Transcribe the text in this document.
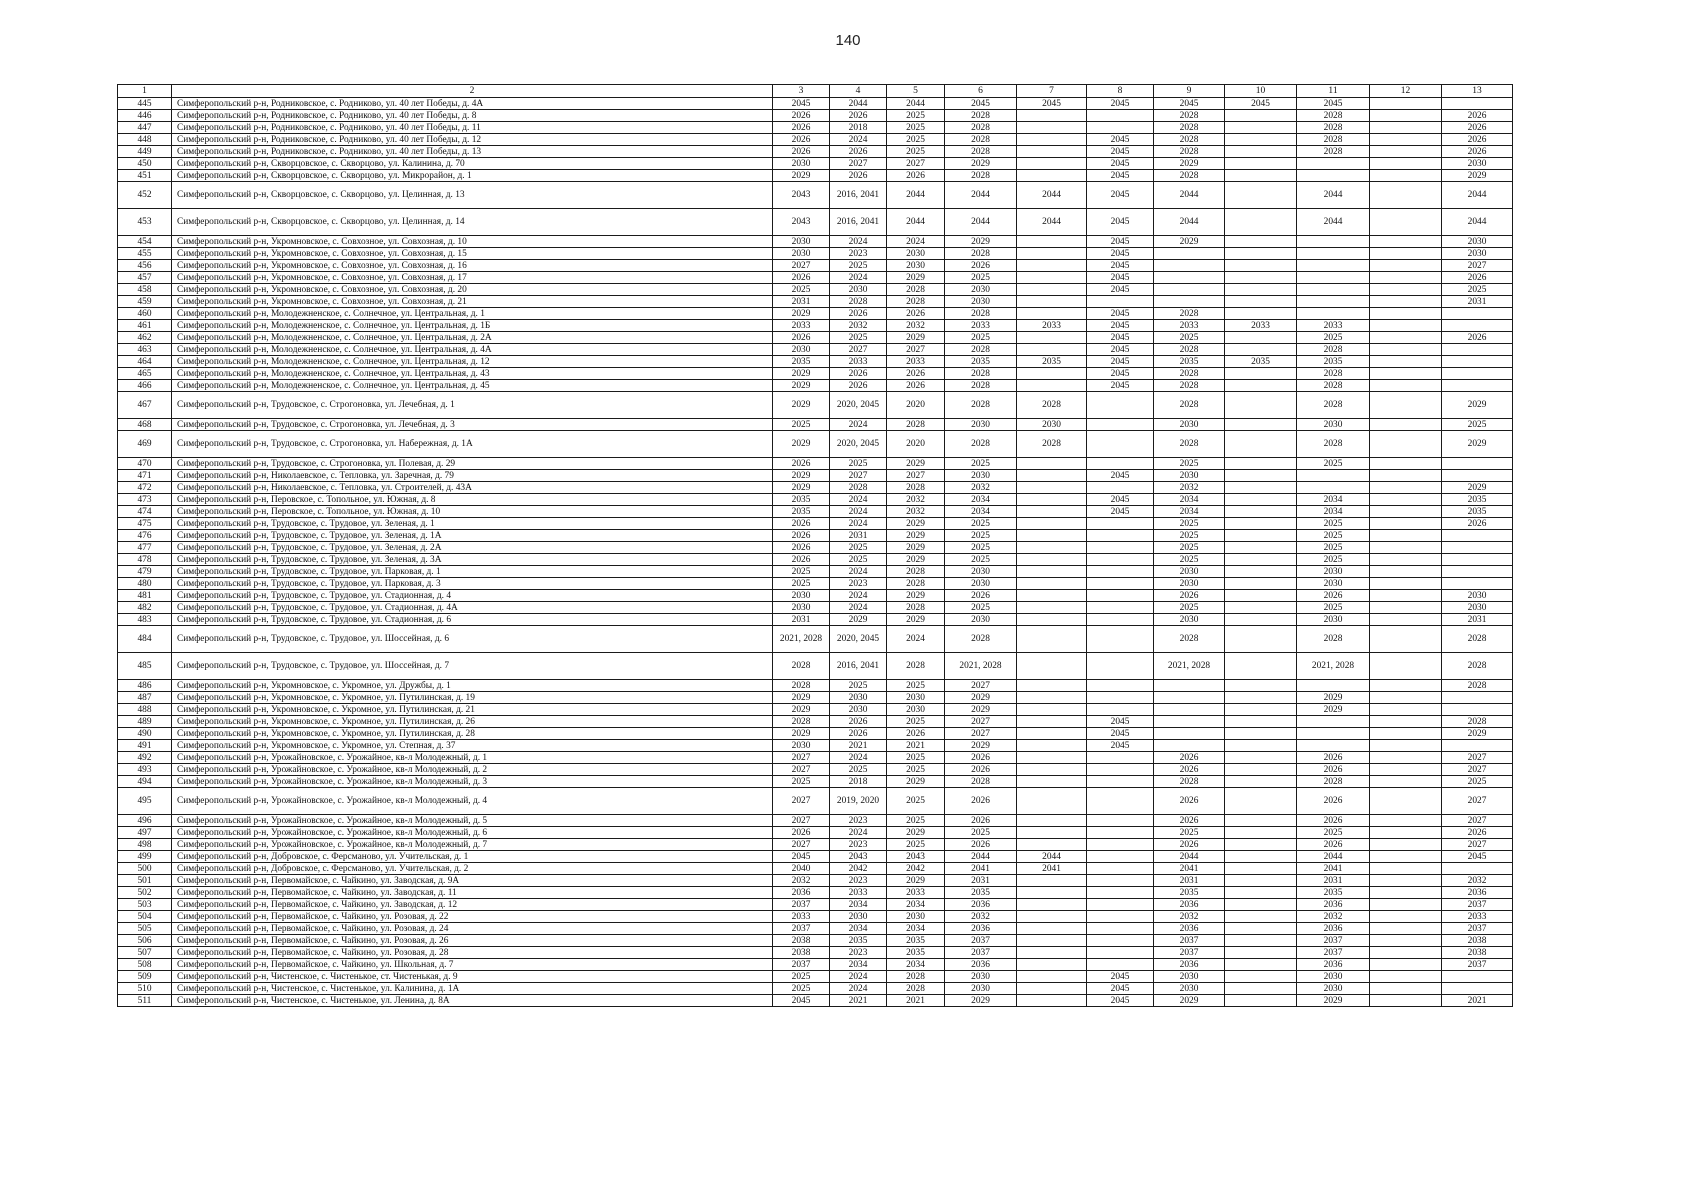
140
1	2	3	4	5	6	7	8	9	10	11	12	13
445	Симферопольский р-н, Родниковское, с. Родниково, ул. 40 лет Победы, д. 4А	2045	2044	2044	2045	2045	2045	2045	2045	2045		
446	Симферопольский р-н, Родниковское, с. Родниково, ул. 40 лет Победы, д. 8	2026	2026	2025	2028			2028		2028		2026
447	Симферопольский р-н, Родниковское, с. Родниково, ул. 40 лет Победы, д. 11	2026	2018	2025	2028			2028		2028		2026
448	Симферопольский р-н, Родниковское, с. Родниково, ул. 40 лет Победы, д. 12	2026	2024	2025	2028		2045	2028		2028		2026
449	Симферопольский р-н, Родниковское, с. Родниково, ул. 40 лет Победы, д. 13	2026	2026	2025	2028		2045	2028		2028		2026
450	Симферопольский р-н, Скворцовское, с. Скворцово, ул. Калинина, д. 70	2030	2027	2027	2029		2045	2029				2030
451	Симферопольский р-н, Скворцовское, с. Скворцово, ул. Микрорайон, д. 1	2029	2026	2026	2028		2045	2028				2029
452	Симферопольский р-н, Скворцовское, с. Скворцово, ул. Целинная, д. 13	2043	2016, 2041	2044	2044	2044	2045	2044		2044		2044
453	Симферопольский р-н, Скворцовское, с. Скворцово, ул. Целинная, д. 14	2043	2016, 2041	2044	2044	2044	2045	2044		2044		2044
454	Симферопольский р-н, Укромновское, с. Совхозное, ул. Совхозная, д. 10	2030	2024	2024	2029		2045	2029				2030
455	Симферопольский р-н, Укромновское, с. Совхозное, ул. Совхозная, д. 15	2030	2023	2030	2028		2045					2030
456	Симферопольский р-н, Укромновское, с. Совхозное, ул. Совхозная, д. 16	2027	2025	2030	2026		2045					2027
457	Симферопольский р-н, Укромновское, с. Совхозное, ул. Совхозная, д. 17	2026	2024	2029	2025		2045					2026
458	Симферопольский р-н, Укромновское, с. Совхозное, ул. Совхозная, д. 20	2025	2030	2028	2030		2045					2025
459	Симферопольский р-н, Укромновское, с. Совхозное, ул. Совхозная, д. 21	2031	2028	2028	2030							2031
460	Симферопольский р-н, Молодежненское, с. Солнечное, ул. Центральная, д. 1	2029	2026	2026	2028		2045	2028				
461	Симферопольский р-н, Молодежненское, с. Солнечное, ул. Центральная, д. 1Б	2033	2032	2032	2033	2033	2045	2033	2033	2033		
462	Симферопольский р-н, Молодежненское, с. Солнечное, ул. Центральная, д. 2А	2026	2025	2029	2025		2045	2025		2025		2026
463	Симферопольский р-н, Молодежненское, с. Солнечное, ул. Центральная, д. 4А	2030	2027	2027	2028		2045	2028		2028		
464	Симферопольский р-н, Молодежненское, с. Солнечное, ул. Центральная, д. 12	2035	2033	2033	2035	2035	2045	2035	2035	2035		
465	Симферопольский р-н, Молодежненское, с. Солнечное, ул. Центральная, д. 43	2029	2026	2026	2028		2045	2028		2028		
466	Симферопольский р-н, Молодежненское, с. Солнечное, ул. Центральная, д. 45	2029	2026	2026	2028		2045	2028		2028		
467	Симферопольский р-н, Трудовское, с. Строгоновка, ул. Лечебная, д. 1	2029	2020, 2045	2020	2028	2028		2028		2028		2029
468	Симферопольский р-н, Трудовское, с. Строгоновка, ул. Лечебная, д. 3	2025	2024	2028	2030	2030		2030		2030		2025
469	Симферопольский р-н, Трудовское, с. Строгоновка, ул. Набережная, д. 1А	2029	2020, 2045	2020	2028	2028		2028		2028		2029
470	Симферопольский р-н, Трудовское, с. Строгоновка, ул. Полевая, д. 29	2026	2025	2029	2025			2025		2025		
471	Симферопольский р-н, Николаевское, с. Тепловка, ул. Заречная, д. 79	2029	2027	2027	2030		2045	2030				
472	Симферопольский р-н, Николаевское, с. Тепловка, ул. Строителей, д. 43А	2029	2028	2028	2032			2032				2029
473	Симферопольский р-н, Перовское, с. Топольное, ул. Южная, д. 8	2035	2024	2032	2034		2045	2034		2034		2035
474	Симферопольский р-н, Перовское, с. Топольное, ул. Южная, д. 10	2035	2024	2032	2034		2045	2034		2034		2035
475	Симферопольский р-н, Трудовское, с. Трудовое, ул. Зеленая, д. 1	2026	2024	2029	2025			2025		2025		2026
476	Симферопольский р-н, Трудовское, с. Трудовое, ул. Зеленая, д. 1А	2026	2031	2029	2025			2025		2025		
477	Симферопольский р-н, Трудовское, с. Трудовое, ул. Зеленая, д. 2А	2026	2025	2029	2025			2025		2025		
478	Симферопольский р-н, Трудовское, с. Трудовое, ул. Зеленая, д. 3А	2026	2025	2029	2025			2025		2025		
479	Симферопольский р-н, Трудовское, с. Трудовое, ул. Парковая, д. 1	2025	2024	2028	2030			2030		2030		
480	Симферопольский р-н, Трудовское, с. Трудовое, ул. Парковая, д. 3	2025	2023	2028	2030			2030		2030		
481	Симферопольский р-н, Трудовское, с. Трудовое, ул. Стадионная, д. 4	2030	2024	2029	2026			2026		2026		2030
482	Симферопольский р-н, Трудовское, с. Трудовое, ул. Стадионная, д. 4А	2030	2024	2028	2025			2025		2025		2030
483	Симферопольский р-н, Трудовское, с. Трудовое, ул. Стадионная, д. 6	2031	2029	2029	2030			2030		2030		2031
484	Симферопольский р-н, Трудовское, с. Трудовое, ул. Шоссейная, д. 6	2021, 2028	2020, 2045	2024	2028			2028		2028		2028
485	Симферопольский р-н, Трудовское, с. Трудовое, ул. Шоссейная, д. 7	2028	2016, 2041	2028	2021, 2028			2021, 2028		2021, 2028		2028
486	Симферопольский р-н, Укромновское, с. Укромное, ул. Дружбы, д. 1	2028	2025	2025	2027							2028
487	Симферопольский р-н, Укромновское, с. Укромное, ул. Путилинская, д. 19	2029	2030	2030	2029					2029		
488	Симферопольский р-н, Укромновское, с. Укромное, ул. Путилинская, д. 21	2029	2030	2030	2029					2029		
489	Симферопольский р-н, Укромновское, с. Укромное, ул. Путилинская, д. 26	2028	2026	2025	2027		2045					2028
490	Симферопольский р-н, Укромновское, с. Укромное, ул. Путилинская, д. 28	2029	2026	2026	2027		2045					2029
491	Симферопольский р-н, Укромновское, с. Укромное, ул. Степная, д. 37	2030	2021	2021	2029		2045					
492	Симферопольский р-н, Урожайновское, с. Урожайное, кв-л Молодежный, д. 1	2027	2024	2025	2026			2026		2026		2027
493	Симферопольский р-н, Урожайновское, с. Урожайное, кв-л Молодежный, д. 2	2027	2025	2025	2026			2026		2026		2027
494	Симферопольский р-н, Урожайновское, с. Урожайное, кв-л Молодежный, д. 3	2025	2018	2029	2028			2028		2028		2025
495	Симферопольский р-н, Урожайновское, с. Урожайное, кв-л Молодежный, д. 4	2027	2019, 2020	2025	2026			2026		2026		2027
496	Симферопольский р-н, Урожайновское, с. Урожайное, кв-л Молодежный, д. 5	2027	2023	2025	2026			2026		2026		2027
497	Симферопольский р-н, Урожайновское, с. Урожайное, кв-л Молодежный, д. 6	2026	2024	2029	2025			2025		2025		2026
498	Симферопольский р-н, Урожайновское, с. Урожайное, кв-л Молодежный, д. 7	2027	2023	2025	2026			2026		2026		2027
499	Симферопольский р-н, Добровское, с. Ферсманово, ул. Учительская, д. 1	2045	2043	2043	2044	2044		2044		2044		2045
500	Симферопольский р-н, Добровское, с. Ферсманово, ул. Учительская, д. 2	2040	2042	2042	2041	2041		2041		2041		
501	Симферопольский р-н, Первомайское, с. Чайкино, ул. Заводская, д. 9А	2032	2023	2029	2031			2031		2031		2032
502	Симферопольский р-н, Первомайское, с. Чайкино, ул. Заводская, д. 11	2036	2033	2033	2035			2035		2035		2036
503	Симферопольский р-н, Первомайское, с. Чайкино, ул. Заводская, д. 12	2037	2034	2034	2036			2036		2036		2037
504	Симферопольский р-н, Первомайское, с. Чайкино, ул. Розовая, д. 22	2033	2030	2030	2032			2032		2032		2033
505	Симферопольский р-н, Первомайское, с. Чайкино, ул. Розовая, д. 24	2037	2034	2034	2036			2036		2036		2037
506	Симферопольский р-н, Первомайское, с. Чайкино, ул. Розовая, д. 26	2038	2035	2035	2037			2037		2037		2038
507	Симферопольский р-н, Первомайское, с. Чайкино, ул. Розовая, д. 28	2038	2023	2035	2037			2037		2037		2038
508	Симферопольский р-н, Первомайское, с. Чайкино, ул. Школьная, д. 7	2037	2034	2034	2036			2036		2036		2037
509	Симферопольский р-н, Чистенское, с. Чистенькое, ст. Чистенькая, д. 9	2025	2024	2028	2030		2045	2030		2030		
510	Симферопольский р-н, Чистенское, с. Чистенькое, ул. Калинина, д. 1А	2025	2024	2028	2030		2045	2030		2030		
511	Симферопольский р-н, Чистенское, с. Чистенькое, ул. Ленина, д. 8А	2045	2021	2021	2029		2045	2029		2029		2021
